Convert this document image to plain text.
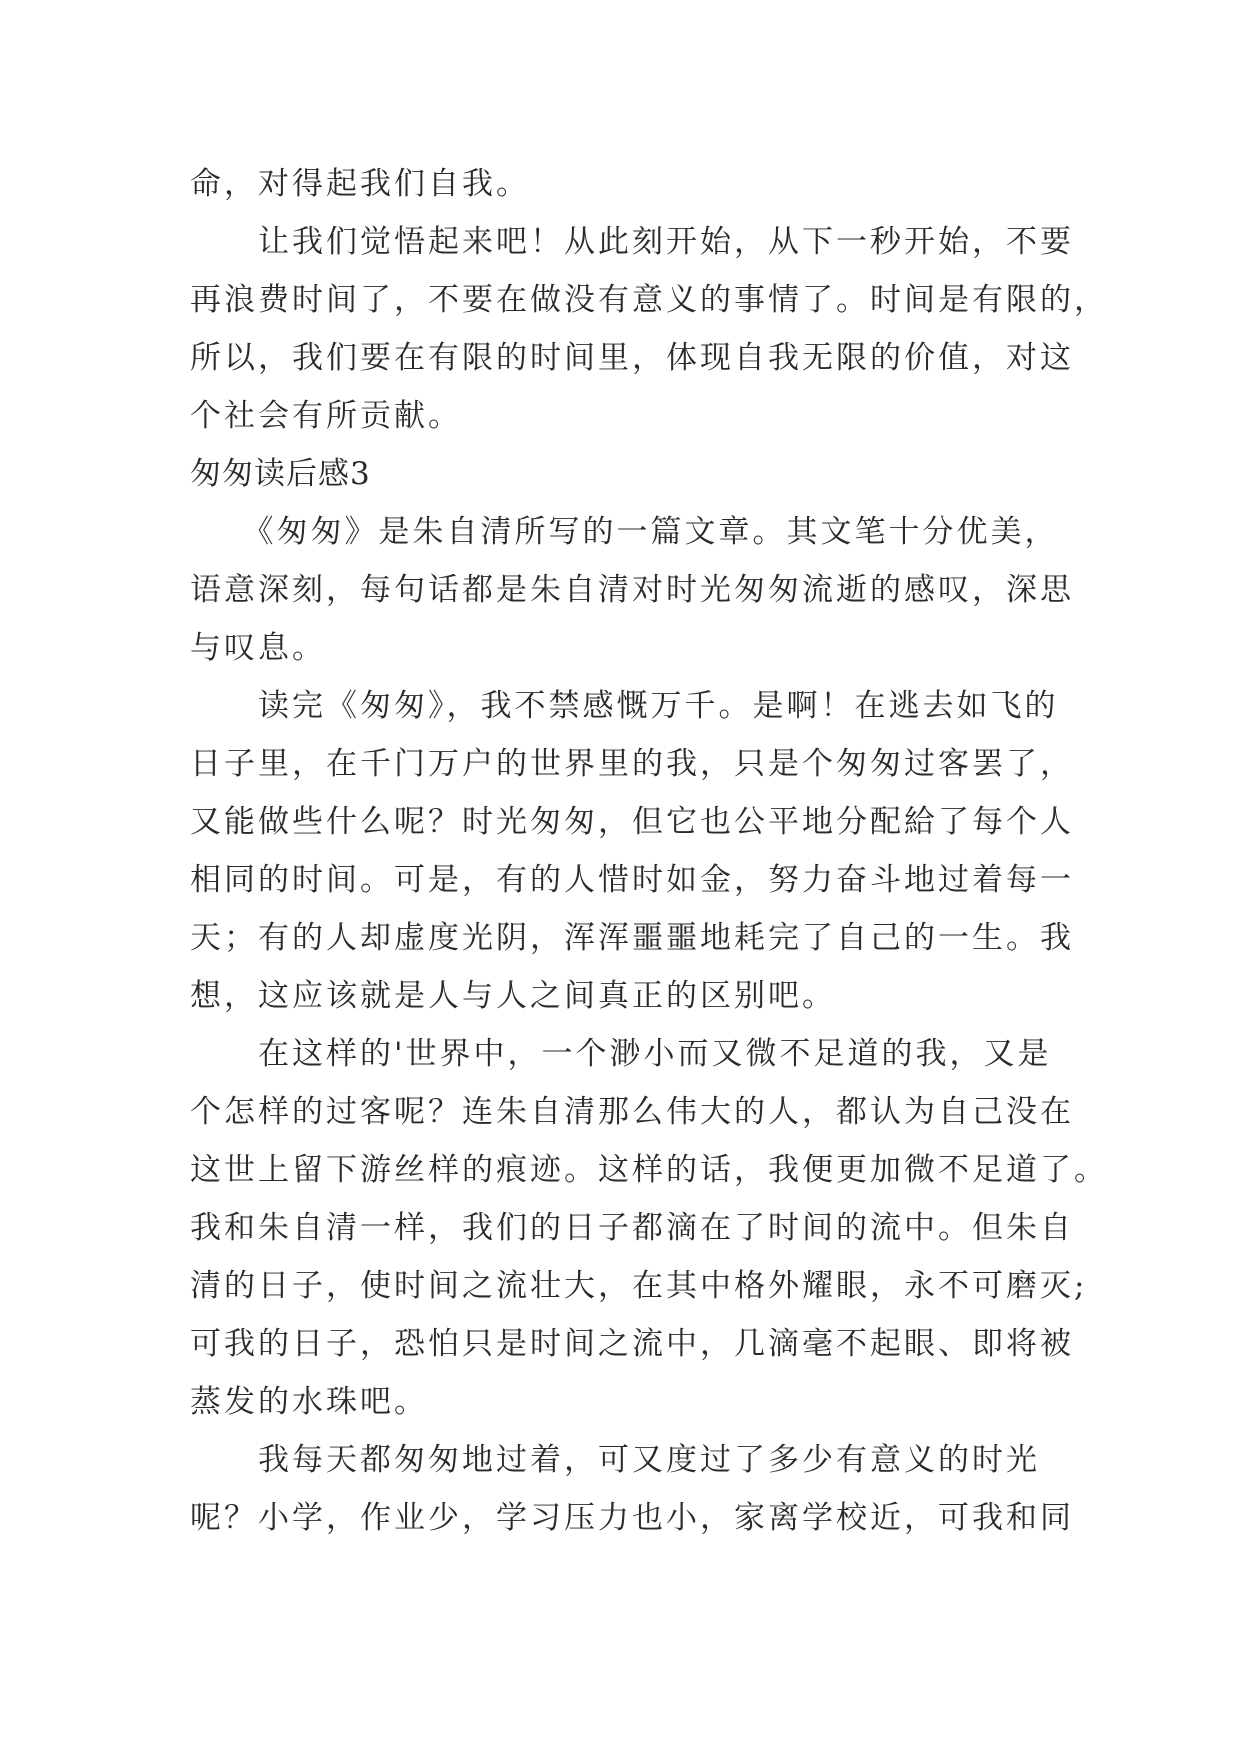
命，对得起我们自我。
　　让我们觉悟起来吧！从此刻开始，从下一秒开始，不要
再浪费时间了，不要在做没有意义的事情了。时间是有限的，
所以，我们要在有限的时间里，体现自我无限的价值，对这
个社会有所贡献。
匆匆读后感3
　　《匆匆》是朱自清所写的一篇文章。其文笔十分优美，
语意深刻，每句话都是朱自清对时光匆匆流逝的感叹，深思
与叹息。
　　读完《匆匆》，我不禁感慨万千。是啊！在逃去如飞的
日子里，在千门万户的世界里的我，只是个匆匆过客罢了，
又能做些什么呢？时光匆匆，但它也公平地分配給了每个人
相同的时间。可是，有的人惜时如金，努力奋斗地过着每一
天；有的人却虚度光阴，浑浑噩噩地耗完了自己的一生。我
想，这应该就是人与人之间真正的区别吧。
　　在这样的'世界中，一个渺小而又微不足道的我，又是
个怎样的过客呢？连朱自清那么伟大的人，都认为自己没在
这世上留下游丝样的痕迹。这样的话，我便更加微不足道了。
我和朱自清一样，我们的日子都滴在了时间的流中。但朱自
清的日子，使时间之流壮大，在其中格外耀眼，永不可磨灭;
可我的日子，恐怕只是时间之流中，几滴毫不起眼、即将被
蒸发的水珠吧。
　　我每天都匆匆地过着，可又度过了多少有意义的时光
呢？小学，作业少，学习压力也小，家离学校近，可我和同
